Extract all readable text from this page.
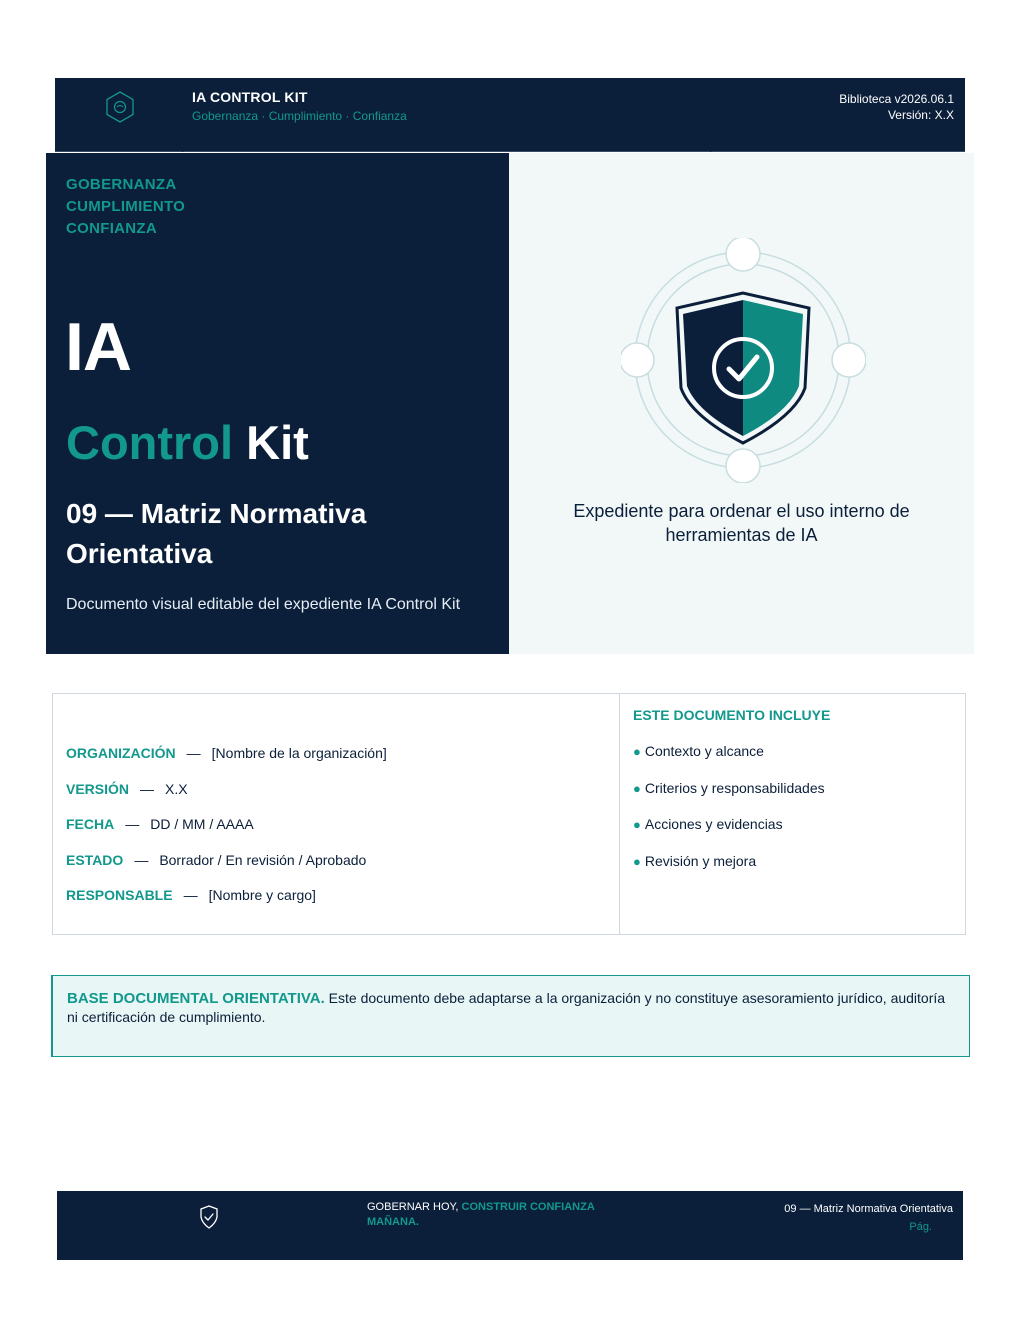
IA CONTROL KIT
Gobernanza · Cumplimiento · Confianza
Biblioteca v2026.06.1
Versión: X.X
GOBERNANZA
CUMPLIMIENTO
CONFIANZA
IA
Control Kit
09 — Matriz Normativa Orientativa
Documento visual editable del expediente IA Control Kit
Expediente para ordenar el uso interno de herramientas de IA
ORGANIZACIÓN — [Nombre de la organización]
VERSIÓN — X.X
FECHA — DD / MM / AAAA
ESTADO — Borrador / En revisión / Aprobado
RESPONSABLE — [Nombre y cargo]
ESTE DOCUMENTO INCLUYE
● Contexto y alcance
● Criterios y responsabilidades
● Acciones y evidencias
● Revisión y mejora
BASE DOCUMENTAL ORIENTATIVA. Este documento debe adaptarse a la organización y no constituye asesoramiento jurídico, auditoría ni certificación de cumplimiento.
GOBERNAR HOY, CONSTRUIR CONFIANZA MAÑANA.
09 — Matriz Normativa Orientativa
Pág.
